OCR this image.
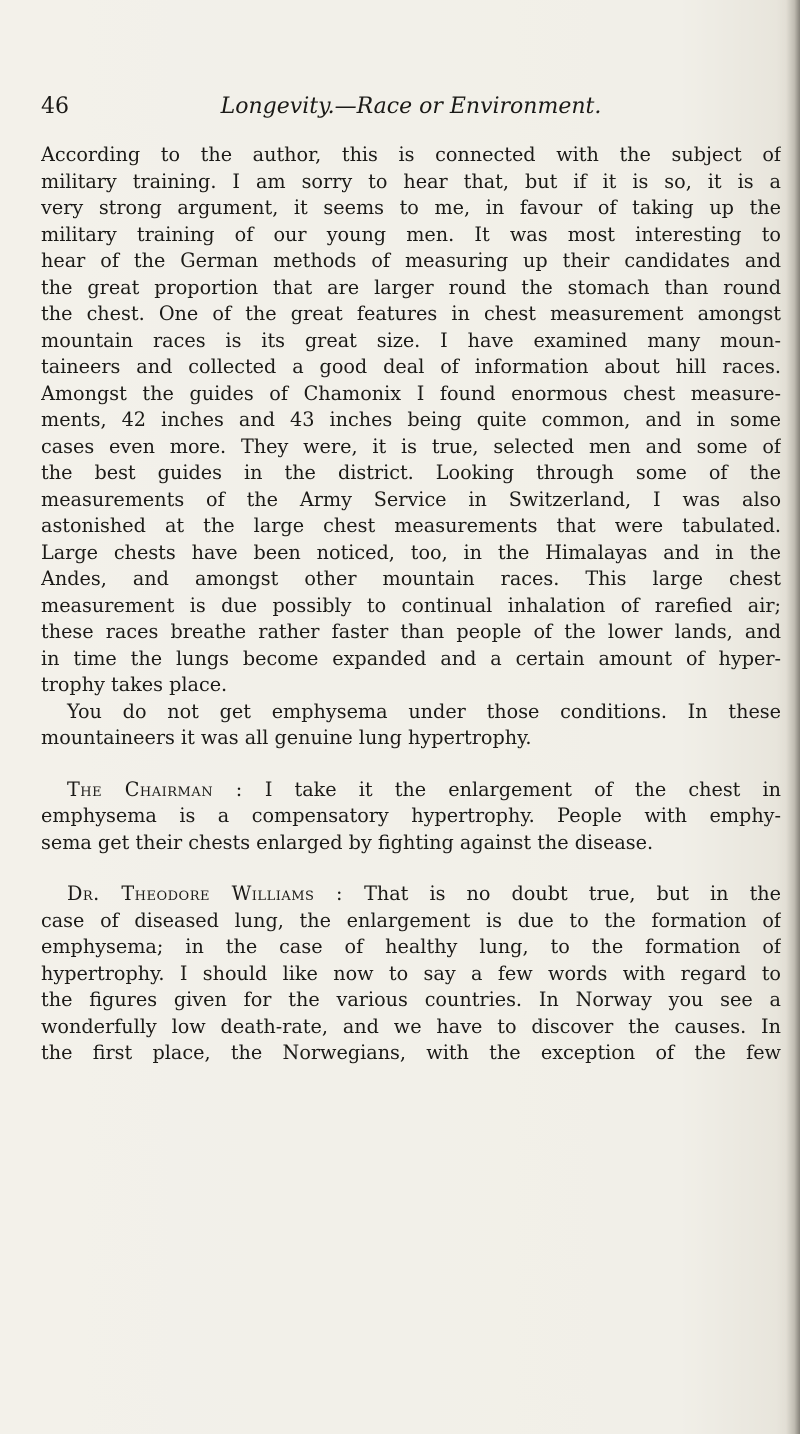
46	Longevity.—Race or Environment.
According to the author, this is connected with the subject of
military training. I am sorry to hear that, but if it is so, it is a
very strong argument, it seems to me, in favour of taking up the
military training of our young men. It was most interesting to
hear of the German methods of measuring up their candidates and
the great proportion that are larger round the stomach than round
the chest. One of the great features in chest measurement amongst
mountain races is its great size. I have examined many moun-
taineers and collected a good deal of information about hill races.
Amongst the guides of Chamonix I found enormous chest measure-
ments, 42 inches and 43 inches being quite common, and in some
cases even more. They were, it is true, selected men and some of
the best guides in the district. Looking through some of the
measurements of the Army Service in Switzerland, I was also
astonished at the large chest measurements that were tabulated.
Large chests have been noticed, too, in the Himalayas and in the
Andes, and amongst other mountain races. This large chest
measurement is due possibly to continual inhalation of rarefied air;
these races breathe rather faster than people of the lower lands, and
in time the lungs become expanded and a certain amount of hyper-
trophy takes place.
You do not get emphysema under those conditions. In these
mountaineers it was all genuine lung hypertrophy.
The Chairman : I take it the enlargement of the chest in
emphysema is a compensatory hypertrophy. People with emphy-
sema get their chests enlarged by fighting against the disease.
Dr. Theodore Williams : That is no doubt true, but in the
case of diseased lung, the enlargement is due to the formation of
emphysema; in the case of healthy lung, to the formation of
hypertrophy. I should like now to say a few words with regard to
the figures given for the various countries. In Norway you see a
wonderfully low death-rate, and we have to discover the causes. In
the first place, the Norwegians, with the exception of the few
